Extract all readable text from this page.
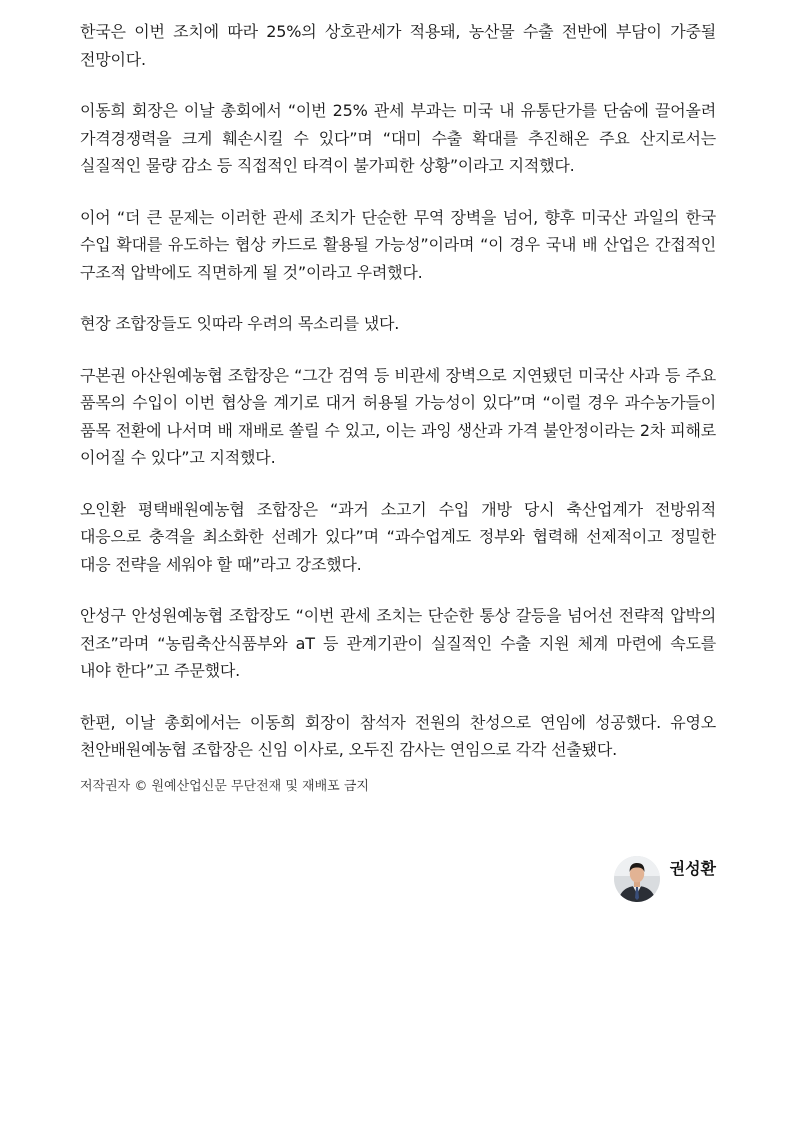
한국은 이번 조치에 따라 25%의 상호관세가 적용돼, 농산물 수출 전반에 부담이 가중될 전망이다.

이동희 회장은 이날 총회에서 “이번 25% 관세 부과는 미국 내 유통단가를 단숨에 끌어올려 가격경쟁력을 크게 훼손시킬 수 있다”며 “대미 수출 확대를 추진해온 주요 산지로서는 실질적인 물량 감소 등 직접적인 타격이 불가피한 상황”이라고 지적했다.

이어 “더 큰 문제는 이러한 관세 조치가 단순한 무역 장벽을 넘어, 향후 미국산 과일의 한국 수입 확대를 유도하는 협상 카드로 활용될 가능성”이라며 “이 경우 국내 배 산업은 간접적인 구조적 압박에도 직면하게 될 것”이라고 우려했다.

현장 조합장들도 잇따라 우려의 목소리를 냈다.

구본권 아산원예농협 조합장은 “그간 검역 등 비관세 장벽으로 지연됐던 미국산 사과 등 주요 품목의 수입이 이번 협상을 계기로 대거 허용될 가능성이 있다”며 “이럴 경우 과수농가들이 품목 전환에 나서며 배 재배로 쏠릴 수 있고, 이는 과잉 생산과 가격 불안정이라는 2차 피해로 이어질 수 있다”고 지적했다.

오인환 평택배원예농협 조합장은 “과거 소고기 수입 개방 당시 축산업계가 전방위적 대응으로 충격을 최소화한 선례가 있다”며 “과수업계도 정부와 협력해 선제적이고 정밀한 대응 전략을 세워야 할 때”라고 강조했다.

안성구 안성원예농협 조합장도 “이번 관세 조치는 단순한 통상 갈등을 넘어선 전략적 압박의 전조”라며 “농림축산식품부와 aT 등 관계기관이 실질적인 수출 지원 체계 마련에 속도를 내야 한다”고 주문했다.

한편, 이날 총회에서는 이동희 회장이 참석자 전원의 찬성으로 연임에 성공했다. 유영오 천안배원예농협 조합장은 신임 이사로, 오두진 감사는 연임으로 각각 선출됐다.

저작권자 © 원예산업신문 무단전재 및 재배포 금지

권성환
